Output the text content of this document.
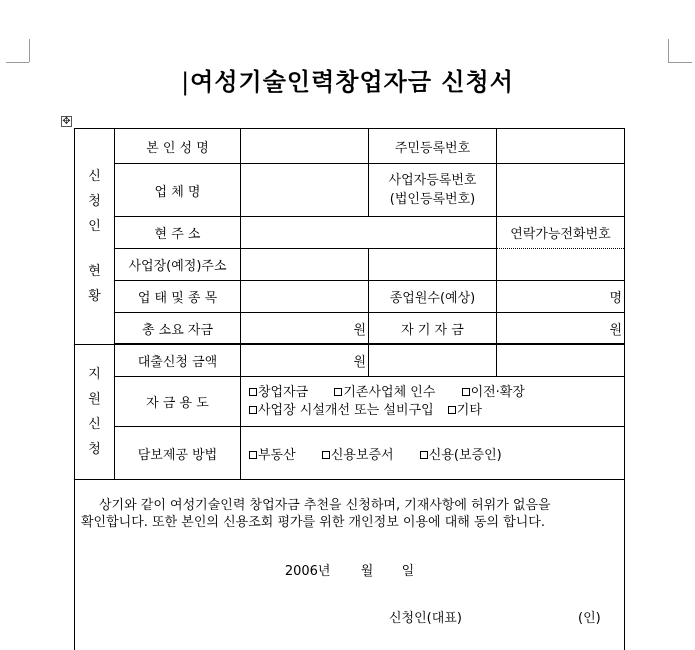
|여성기술인력창업자금 신청서
✥
신
청
인
현
황	본 인 성 명		주민등록번호	
	업 체 명		사업자등록번호
(법인등록번호)	

	현 주 소			연락가능전화번호
	사업장(예정)주소			
	업 태 및 종 목		종업원수(예상)	명
	총 소요 자금	원	자 기 자 금	원

지
원
신
청	대출신청 금액	원		
	자 금 용 도	창업자금 기존사업체 인수 이전·확장
사업장 시설개선 또는 설비구입 기타		

	담보제공 방법	부동산 신용보증서 신용(보증인)		

상기와 같이 여성기술인력 창업자금 추천을 신청하며, 기재사항에 허위가 없음을

확인합니다. 또한 본인의 신용조회 평가를 위한 개인정보 이용에 대해 동의 합니다.
2006년 월 일
신청인(대표) (인)				
